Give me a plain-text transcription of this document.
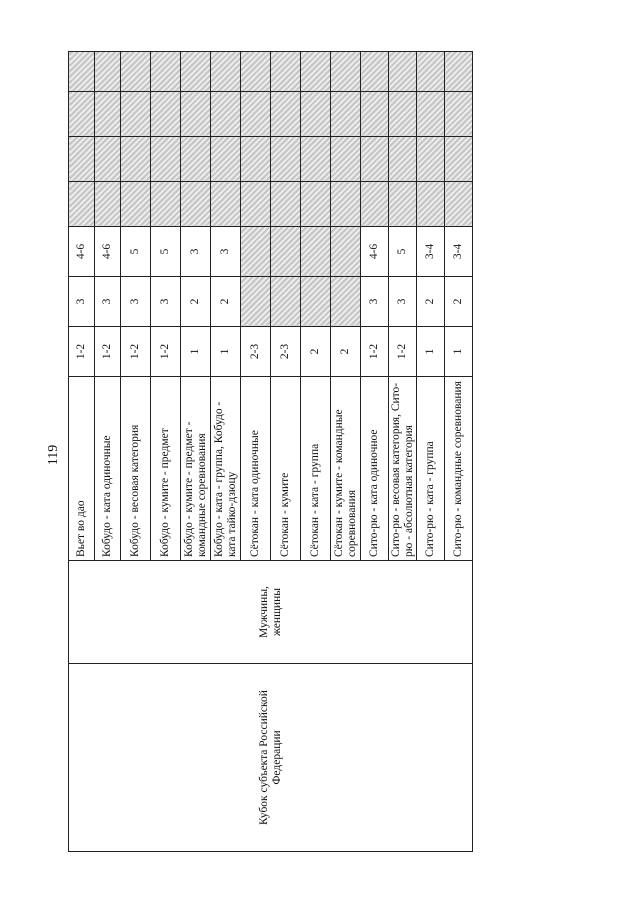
119
Кубок субъекта Российской Федерации	Мужчины, женщины	Вьет во дао	1-2	3	4-6				
		Кобудо - ката одиночные	1-2	3	4-6				
		Кобудо - весовая категория	1-2	3	5				
		Кобудо - кумите - предмет	1-2	3	5				
		Кобудо - кумите - предмет - командные соревнования	1	2	3				
		Кобудо - ката - группа, Кобудо - ката тайко-дзюцу	1	2	3				
		Сётокан - ката одиночные	2-3						
		Сётокан - кумите	2-3						
		Сётокан - ката - группа	2						
		Сётокан - кумите - командные соревнования	2						
		Сито-рю - ката одиночное	1-2	3	4-6				
		Сито-рю - весовая категория, Сито-рю - абсолютная категория	1-2	3	5				
		Сито-рю - ката - группа	1	2	3-4				
		Сито-рю - командные соревнования	1	2	3-4				
